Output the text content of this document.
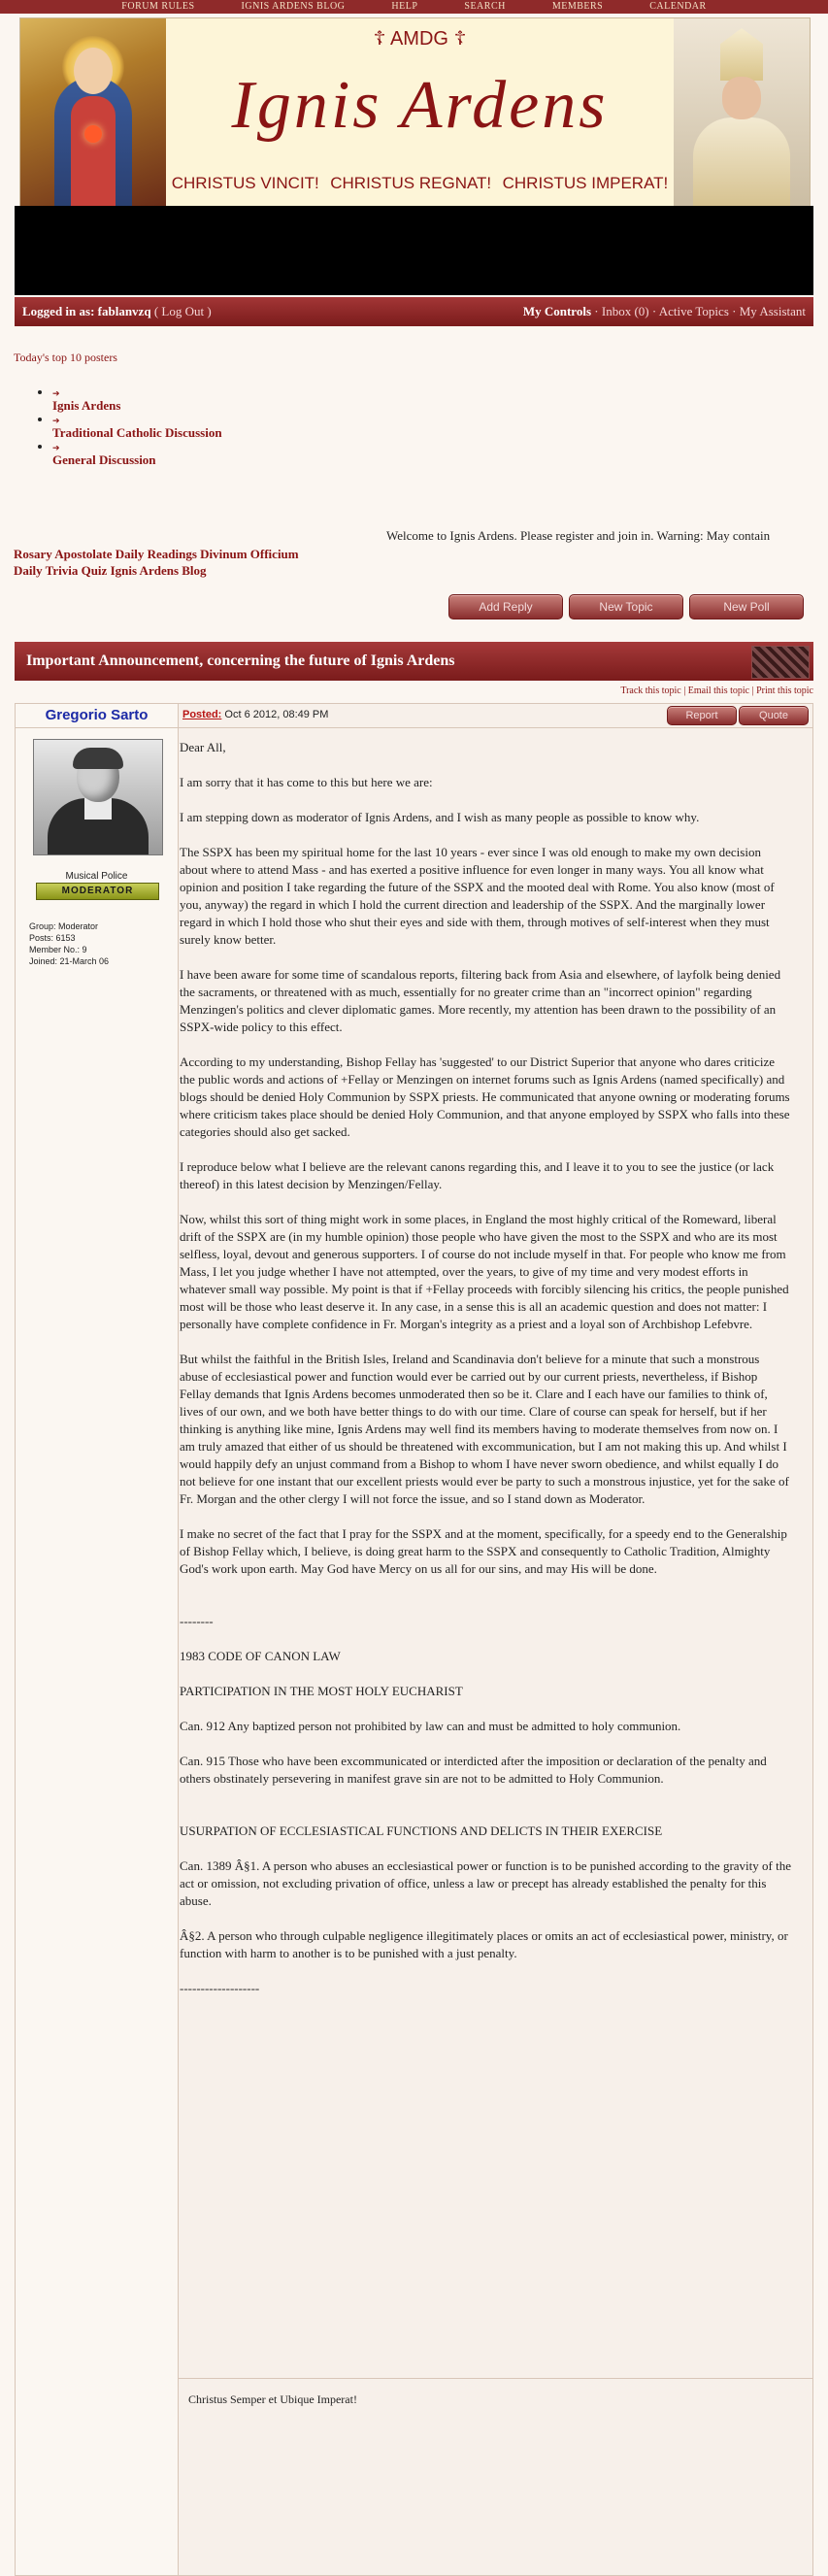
FORUM RULES	IGNIS ARDENS BLOG	HELP	SEARCH	MEMBERS	CALENDAR
☦ AMDG ☦
Ignis Ardens
CHRISTUS VINCIT! CHRISTUS REGNAT! CHRISTUS IMPERAT!
Logged in as: fablanvzq ( Log Out )	My Controls · Inbox (0) · Active Topics · My Assistant
Today's top 10 posters
• ➔
Ignis Ardens
• ➔
Traditional Catholic Discussion
• ➔
General Discussion
Welcome to Ignis Ardens. Please register and join in. Warning: May contain
Rosary Apostolate Daily Readings Divinum Officium
Daily Trivia Quiz Ignis Ardens Blog
Add Reply	New Topic	New Poll
Important Announcement, concerning the future of Ignis Ardens
Track this topic | Email this topic | Print this topic
Gregorio Sarto
Musical Police
MODERATOR
Group: Moderator
Posts: 6153
Member No.: 9
Joined: 21-March 06
Posted: Oct 6 2012, 08:49 PM	Report	Quote

Dear All,

I am sorry that it has come to this but here we are:

I am stepping down as moderator of Ignis Ardens, and I wish as many people as possible to know why.

The SSPX has been my spiritual home for the last 10 years - ever since I was old enough to make my own decision about where to attend Mass - and has exerted a positive influence for even longer in many ways. You all know what opinion and position I take regarding the future of the SSPX and the mooted deal with Rome. You also know (most of you, anyway) the regard in which I hold the current direction and leadership of the SSPX. And the marginally lower regard in which I hold those who shut their eyes and side with them, through motives of self-interest when they must surely know better.

I have been aware for some time of scandalous reports, filtering back from Asia and elsewhere, of layfolk being denied the sacraments, or threatened with as much, essentially for no greater crime than an "incorrect opinion" regarding Menzingen's politics and clever diplomatic games. More recently, my attention has been drawn to the possibility of an SSPX-wide policy to this effect.

According to my understanding, Bishop Fellay has 'suggested' to our District Superior that anyone who dares criticize the public words and actions of +Fellay or Menzingen on internet forums such as Ignis Ardens (named specifically) and blogs should be denied Holy Communion by SSPX priests. He communicated that anyone owning or moderating forums where criticism takes place should be denied Holy Communion, and that anyone employed by SSPX who falls into these categories should also get sacked.

I reproduce below what I believe are the relevant canons regarding this, and I leave it to you to see the justice (or lack thereof) in this latest decision by Menzingen/Fellay.

Now, whilst this sort of thing might work in some places, in England the most highly critical of the Romeward, liberal drift of the SSPX are (in my humble opinion) those people who have given the most to the SSPX and who are its most selfless, loyal, devout and generous supporters. I of course do not include myself in that. For people who know me from Mass, I let you judge whether I have not attempted, over the years, to give of my time and very modest efforts in whatever small way possible. My point is that if +Fellay proceeds with forcibly silencing his critics, the people punished most will be those who least deserve it. In any case, in a sense this is all an academic question and does not matter: I personally have complete confidence in Fr. Morgan's integrity as a priest and a loyal son of Archbishop Lefebvre.

But whilst the faithful in the British Isles, Ireland and Scandinavia don't believe for a minute that such a monstrous abuse of ecclesiastical power and function would ever be carried out by our current priests, nevertheless, if Bishop Fellay demands that Ignis Ardens becomes unmoderated then so be it. Clare and I each have our families to think of, lives of our own, and we both have better things to do with our time. Clare of course can speak for herself, but if her thinking is anything like mine, Ignis Ardens may well find its members having to moderate themselves from now on. I am truly amazed that either of us should be threatened with excommunication, but I am not making this up. And whilst I would happily defy an unjust command from a Bishop to whom I have never sworn obedience, and whilst equally I do not believe for one instant that our excellent priests would ever be party to such a monstrous injustice, yet for the sake of Fr. Morgan and the other clergy I will not force the issue, and so I stand down as Moderator.

I make no secret of the fact that I pray for the SSPX and at the moment, specifically, for a speedy end to the Generalship of Bishop Fellay which, I believe, is doing great harm to the SSPX and consequently to Catholic Tradition, Almighty God's work upon earth. May God have Mercy on us all for our sins, and may His will be done.

--------

1983 CODE OF CANON LAW

PARTICIPATION IN THE MOST HOLY EUCHARIST

Can. 912 Any baptized person not prohibited by law can and must be admitted to holy communion.

Can. 915 Those who have been excommunicated or interdicted after the imposition or declaration of the penalty and others obstinately persevering in manifest grave sin are not to be admitted to Holy Communion.

USURPATION OF ECCLESIASTICAL FUNCTIONS AND DELICTS IN THEIR EXERCISE

Can. 1389 Â§1. A person who abuses an ecclesiastical power or function is to be punished according to the gravity of the act or omission, not excluding privation of office, unless a law or precept has already established the penalty for this abuse.

Â§2. A person who through culpable negligence illegitimately places or omits an act of ecclesiastical power, ministry, or function with harm to another is to be punished with a just penalty.

-------------------

Christus Semper et Ubique Imperat!
